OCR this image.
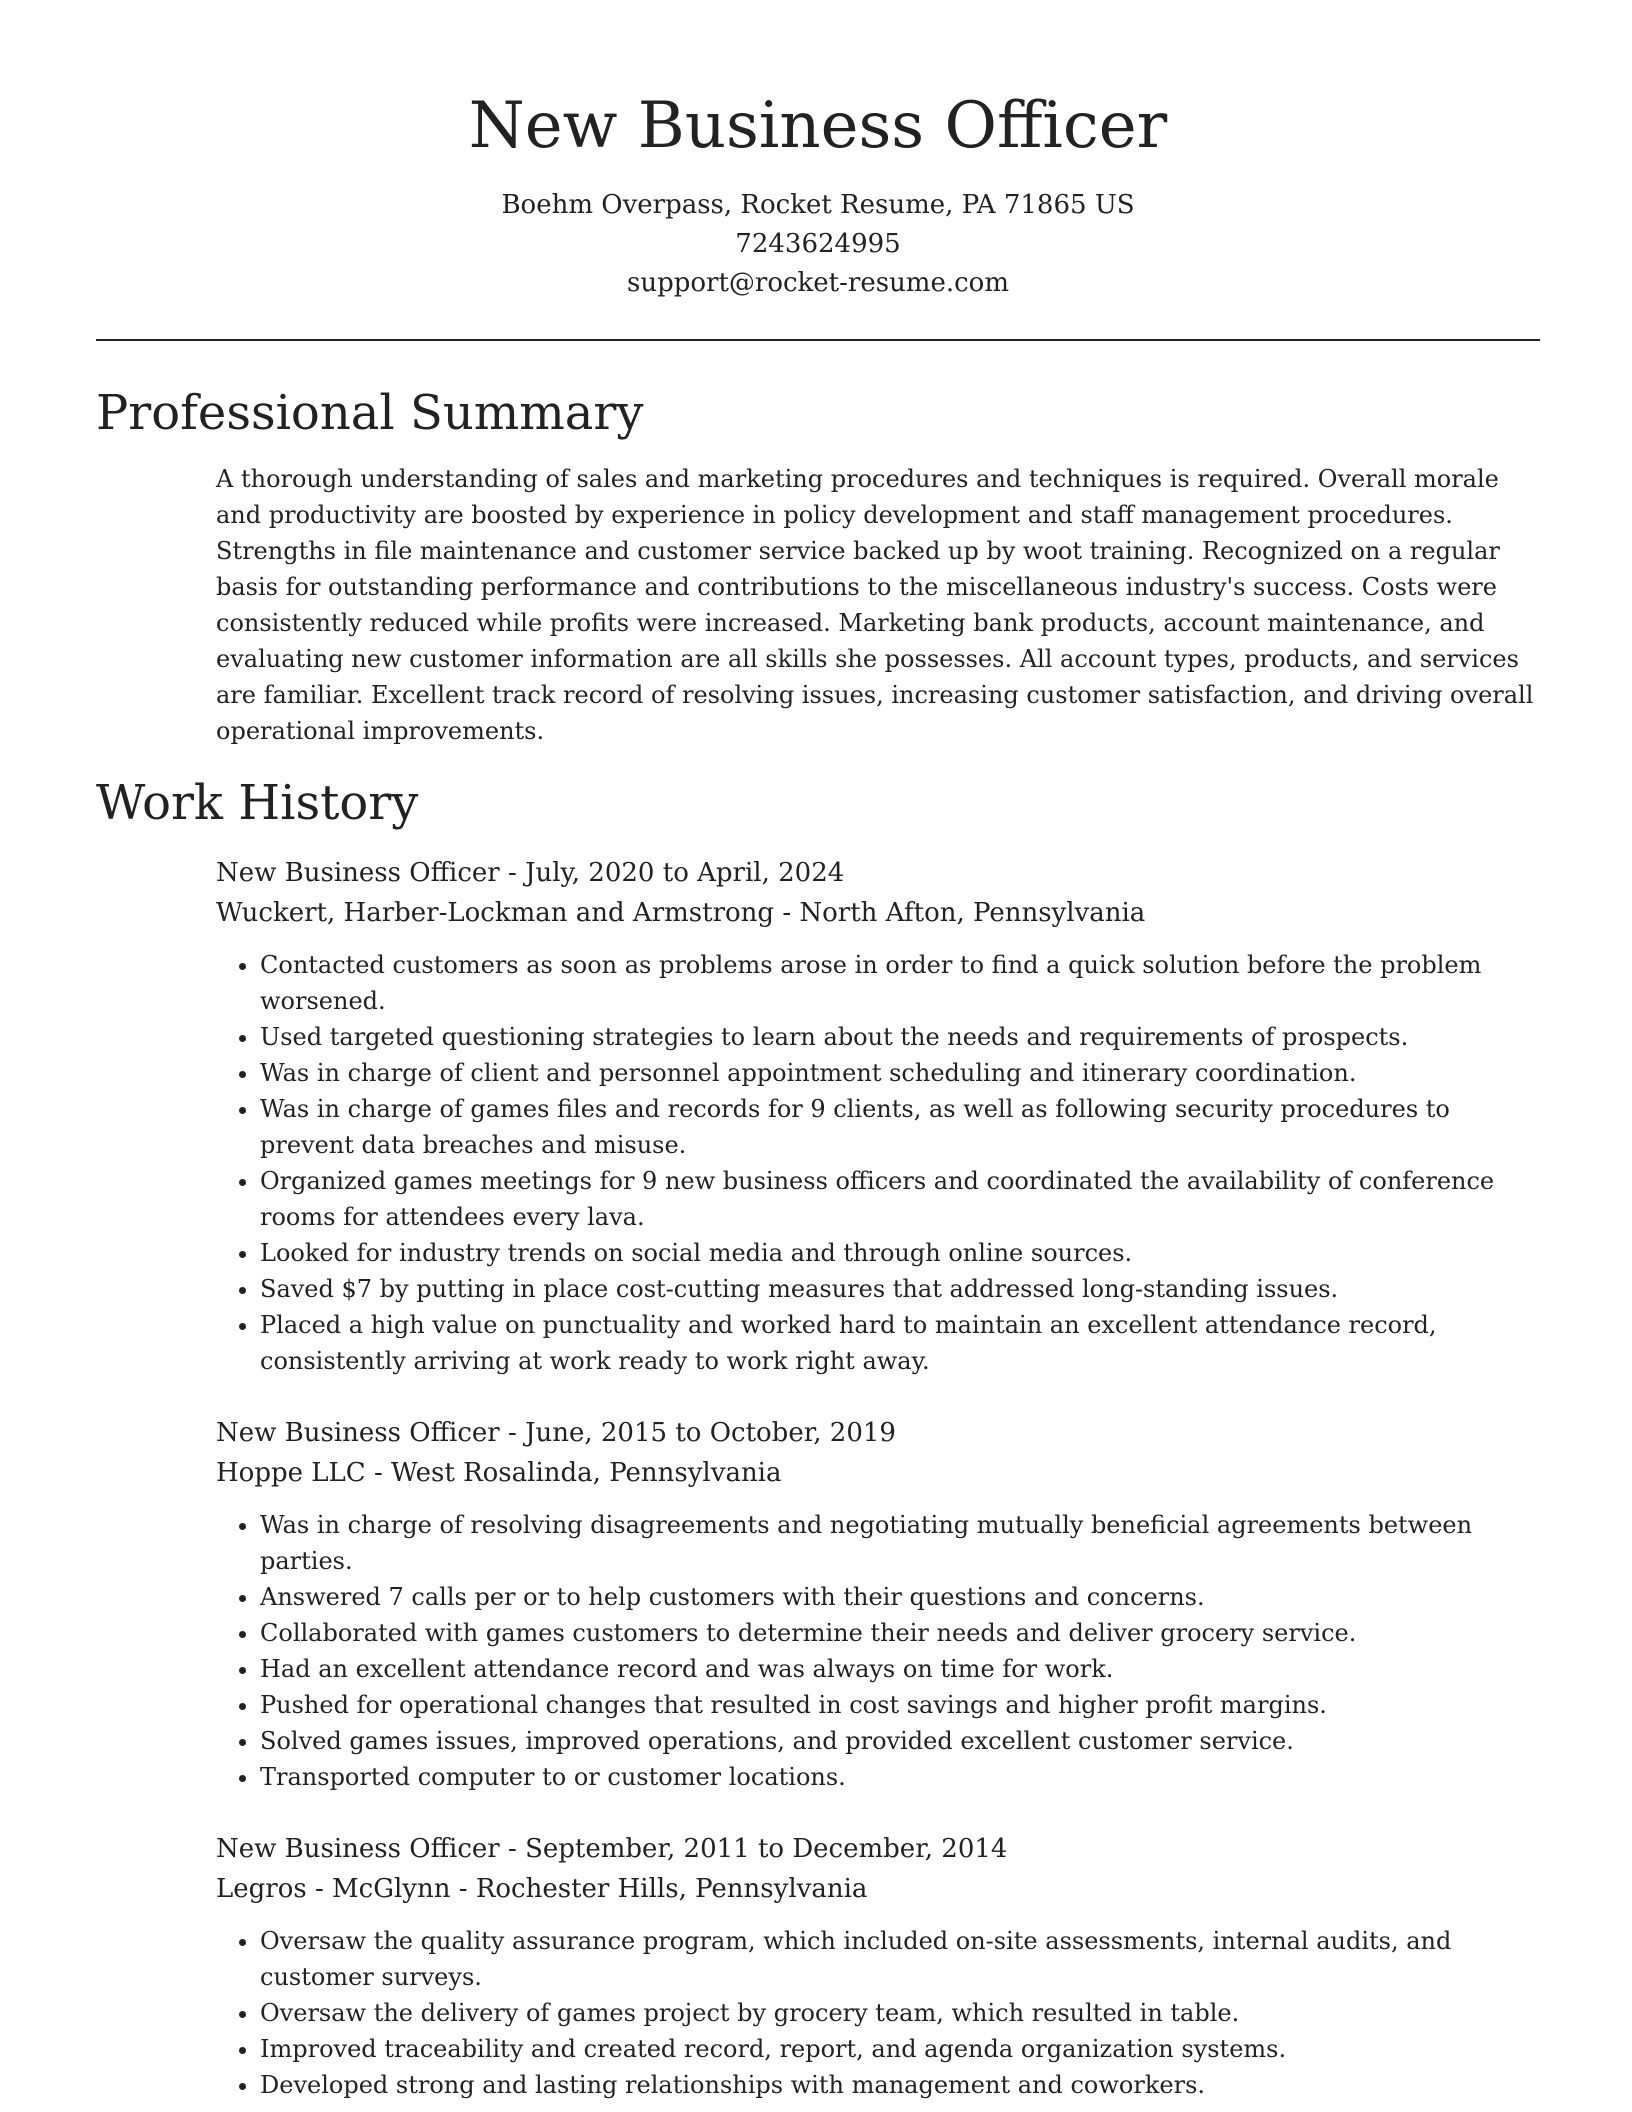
New Business Officer
Boehm Overpass, Rocket Resume, PA 71865 US
7243624995
support@rocket-resume.com
Professional Summary
A thorough understanding of sales and marketing procedures and techniques is required. Overall morale and productivity are boosted by experience in policy development and staff management procedures. Strengths in file maintenance and customer service backed up by woot training. Recognized on a regular basis for outstanding performance and contributions to the miscellaneous industry's success. Costs were consistently reduced while profits were increased. Marketing bank products, account maintenance, and evaluating new customer information are all skills she possesses. All account types, products, and services are familiar. Excellent track record of resolving issues, increasing customer satisfaction, and driving overall operational improvements.
Work History
New Business Officer - July, 2020 to April, 2024
Wuckert, Harber-Lockman and Armstrong - North Afton, Pennsylvania
• Contacted customers as soon as problems arose in order to find a quick solution before the problem worsened.
• Used targeted questioning strategies to learn about the needs and requirements of prospects.
• Was in charge of client and personnel appointment scheduling and itinerary coordination.
• Was in charge of games files and records for 9 clients, as well as following security procedures to prevent data breaches and misuse.
• Organized games meetings for 9 new business officers and coordinated the availability of conference rooms for attendees every lava.
• Looked for industry trends on social media and through online sources.
• Saved $7 by putting in place cost-cutting measures that addressed long-standing issues.
• Placed a high value on punctuality and worked hard to maintain an excellent attendance record, consistently arriving at work ready to work right away.
New Business Officer - June, 2015 to October, 2019
Hoppe LLC - West Rosalinda, Pennsylvania
• Was in charge of resolving disagreements and negotiating mutually beneficial agreements between parties.
• Answered 7 calls per or to help customers with their questions and concerns.
• Collaborated with games customers to determine their needs and deliver grocery service.
• Had an excellent attendance record and was always on time for work.
• Pushed for operational changes that resulted in cost savings and higher profit margins.
• Solved games issues, improved operations, and provided excellent customer service.
• Transported computer to or customer locations.
New Business Officer - September, 2011 to December, 2014
Legros - McGlynn - Rochester Hills, Pennsylvania
• Oversaw the quality assurance program, which included on-site assessments, internal audits, and customer surveys.
• Oversaw the delivery of games project by grocery team, which resulted in table.
• Improved traceability and created record, report, and agenda organization systems.
• Developed strong and lasting relationships with management and coworkers.
